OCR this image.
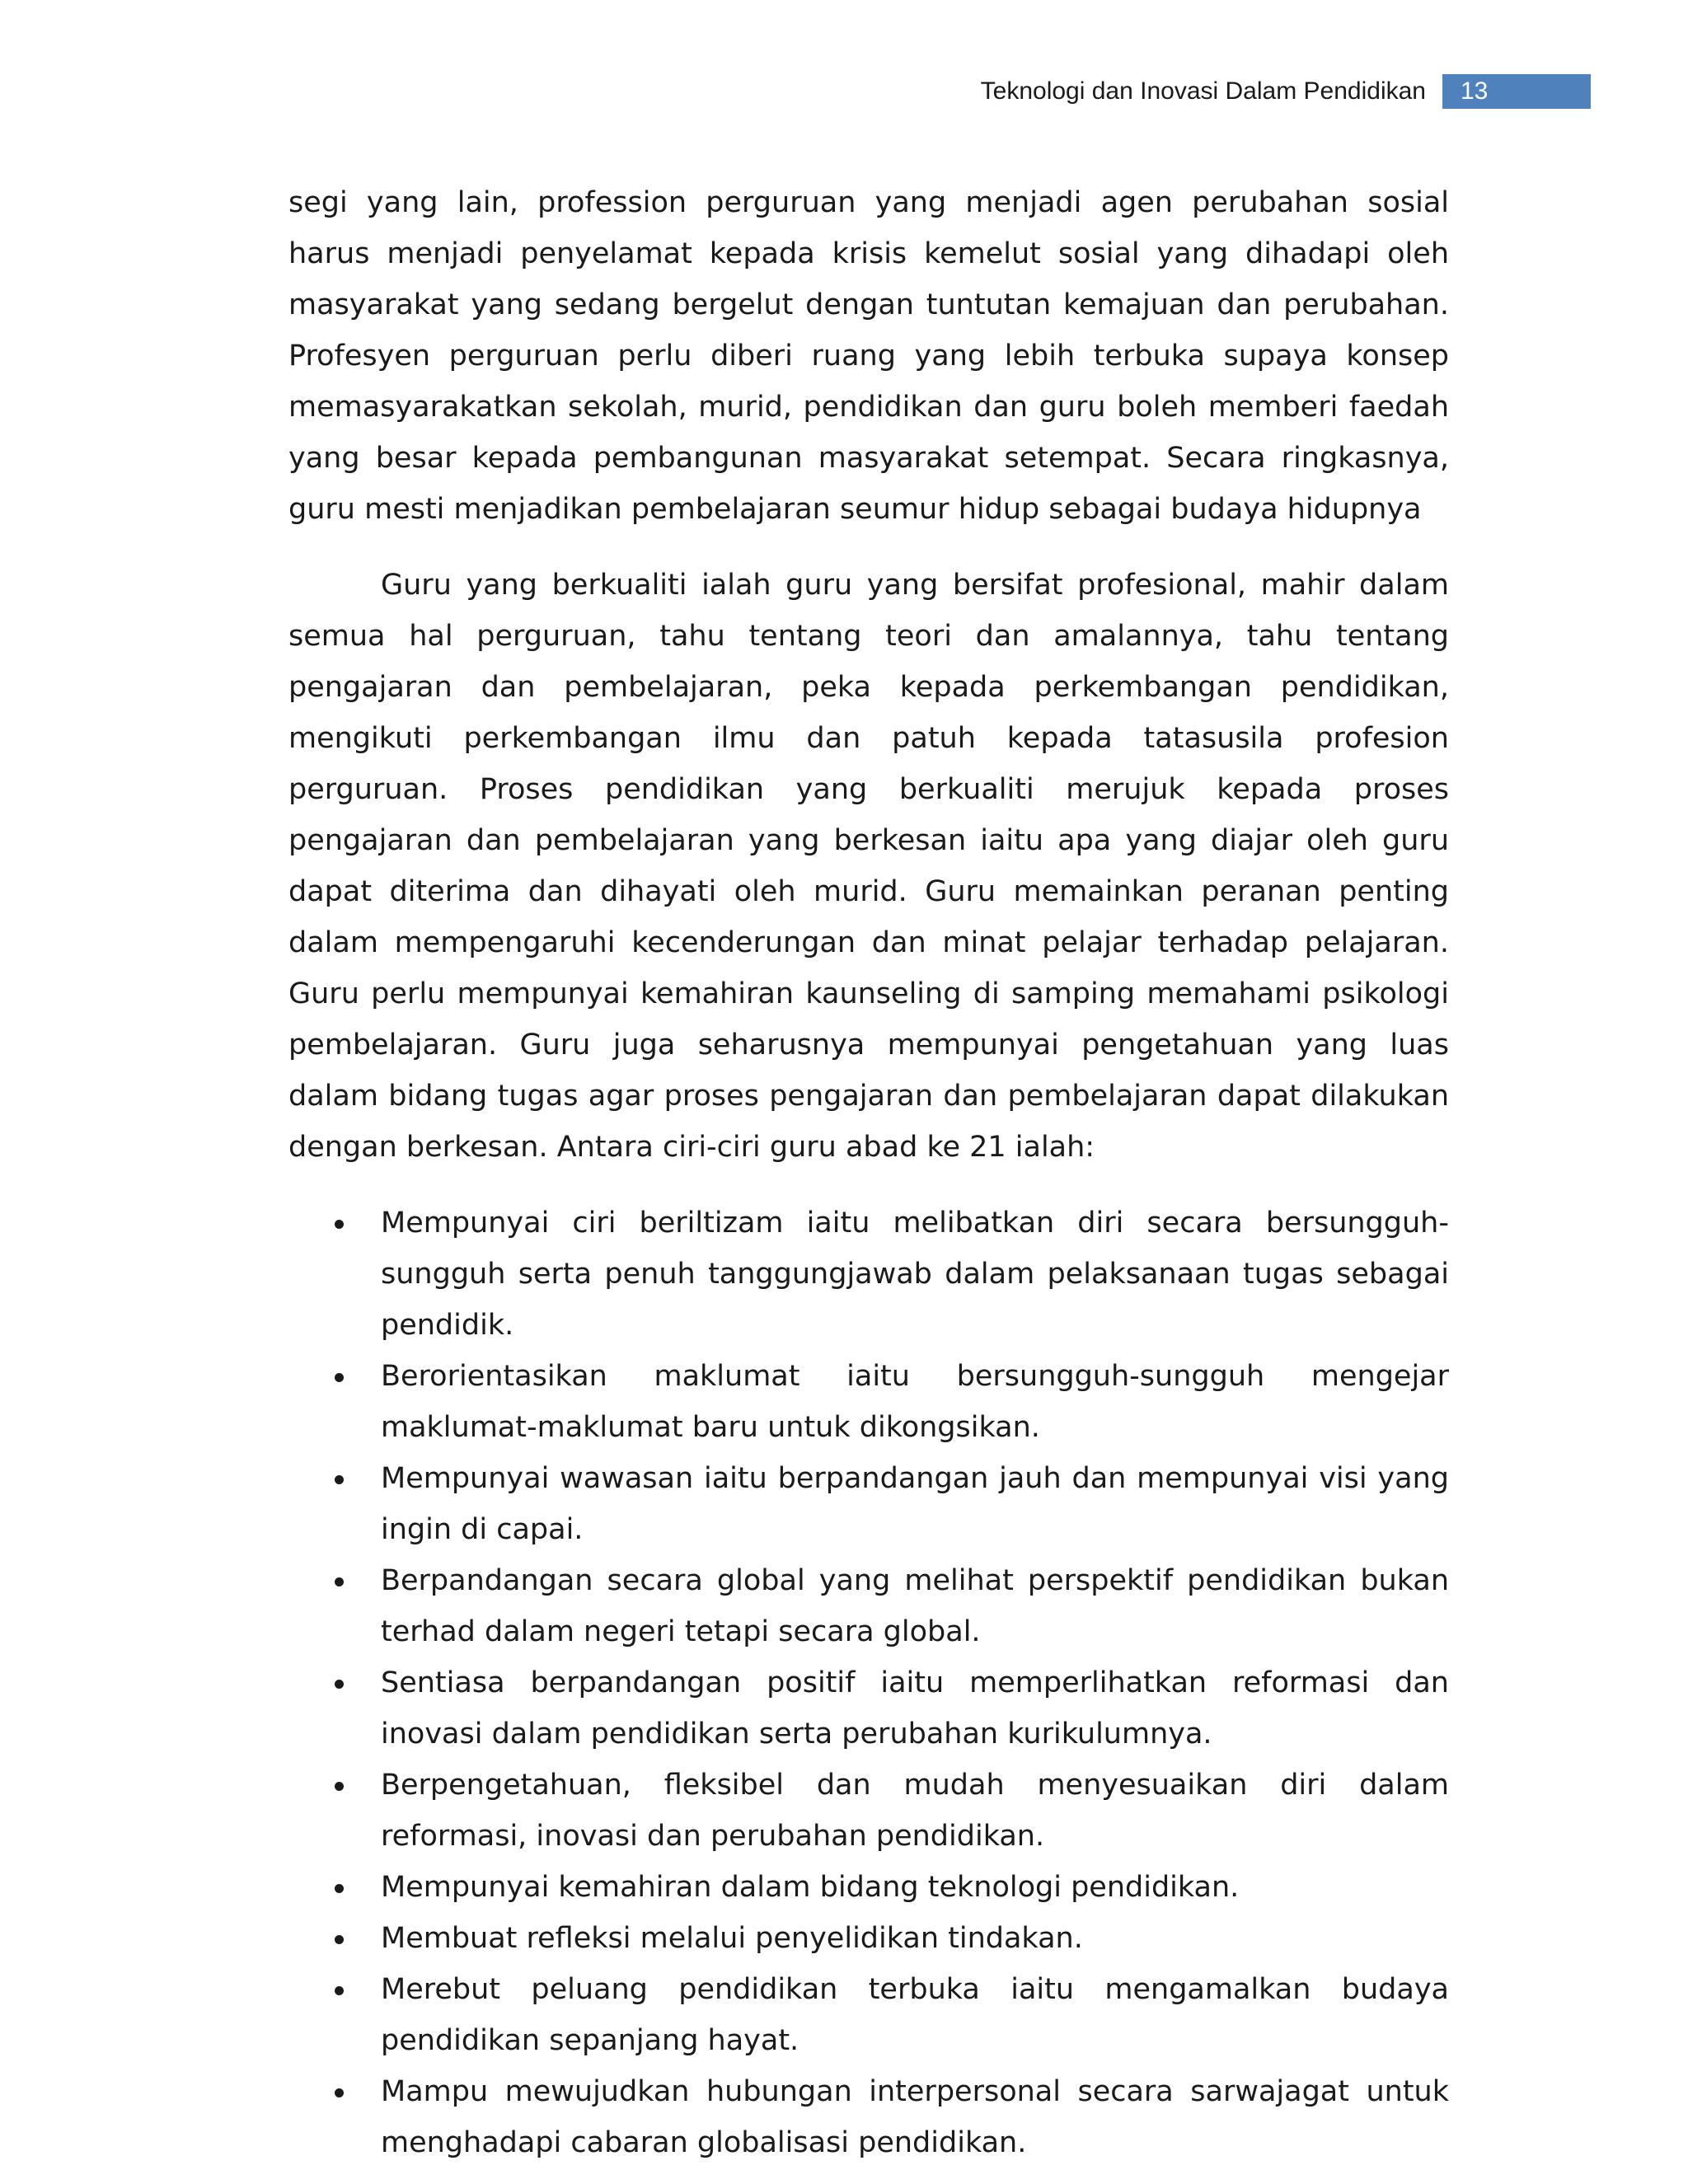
Teknologi dan Inovasi Dalam Pendidikan 13

segi yang lain, profession perguruan yang menjadi agen perubahan sosial harus menjadi penyelamat kepada krisis kemelut sosial yang dihadapi oleh masyarakat yang sedang bergelut dengan tuntutan kemajuan dan perubahan. Profesyen perguruan perlu diberi ruang yang lebih terbuka supaya konsep memasyarakatkan sekolah, murid, pendidikan dan guru boleh memberi faedah yang besar kepada pembangunan masyarakat setempat. Secara ringkasnya, guru mesti menjadikan pembelajaran seumur hidup sebagai budaya hidupnya

Guru yang berkualiti ialah guru yang bersifat profesional, mahir dalam semua hal perguruan, tahu tentang teori dan amalannya, tahu tentang pengajaran dan pembelajaran, peka kepada perkembangan pendidikan, mengikuti perkembangan ilmu dan patuh kepada tatasusila profesion perguruan. Proses pendidikan yang berkualiti merujuk kepada proses pengajaran dan pembelajaran yang berkesan iaitu apa yang diajar oleh guru dapat diterima dan dihayati oleh murid. Guru memainkan peranan penting dalam mempengaruhi kecenderungan dan minat pelajar terhadap pelajaran. Guru perlu mempunyai kemahiran kaunseling di samping memahami psikologi pembelajaran. Guru juga seharusnya mempunyai pengetahuan yang luas dalam bidang tugas agar proses pengajaran dan pembelajaran dapat dilakukan dengan berkesan. Antara ciri-ciri guru abad ke 21 ialah:

Mempunyai ciri beriltizam iaitu melibatkan diri secara bersungguh-sungguh serta penuh tanggungjawab dalam pelaksanaan tugas sebagai pendidik.
Berorientasikan maklumat iaitu bersungguh-sungguh mengejar maklumat-maklumat baru untuk dikongsikan.
Mempunyai wawasan iaitu berpandangan jauh dan mempunyai visi yang ingin di capai.
Berpandangan secara global yang melihat perspektif pendidikan bukan terhad dalam negeri tetapi secara global.
Sentiasa berpandangan positif iaitu memperlihatkan reformasi dan inovasi dalam pendidikan serta perubahan kurikulumnya.
Berpengetahuan, fleksibel dan mudah menyesuaikan diri dalam reformasi, inovasi dan perubahan pendidikan.
Mempunyai kemahiran dalam bidang teknologi pendidikan.
Membuat refleksi melalui penyelidikan tindakan.
Merebut peluang pendidikan terbuka iaitu mengamalkan budaya pendidikan sepanjang hayat.
Mampu mewujudkan hubungan interpersonal secara sarwajagat untuk menghadapi cabaran globalisasi pendidikan.
